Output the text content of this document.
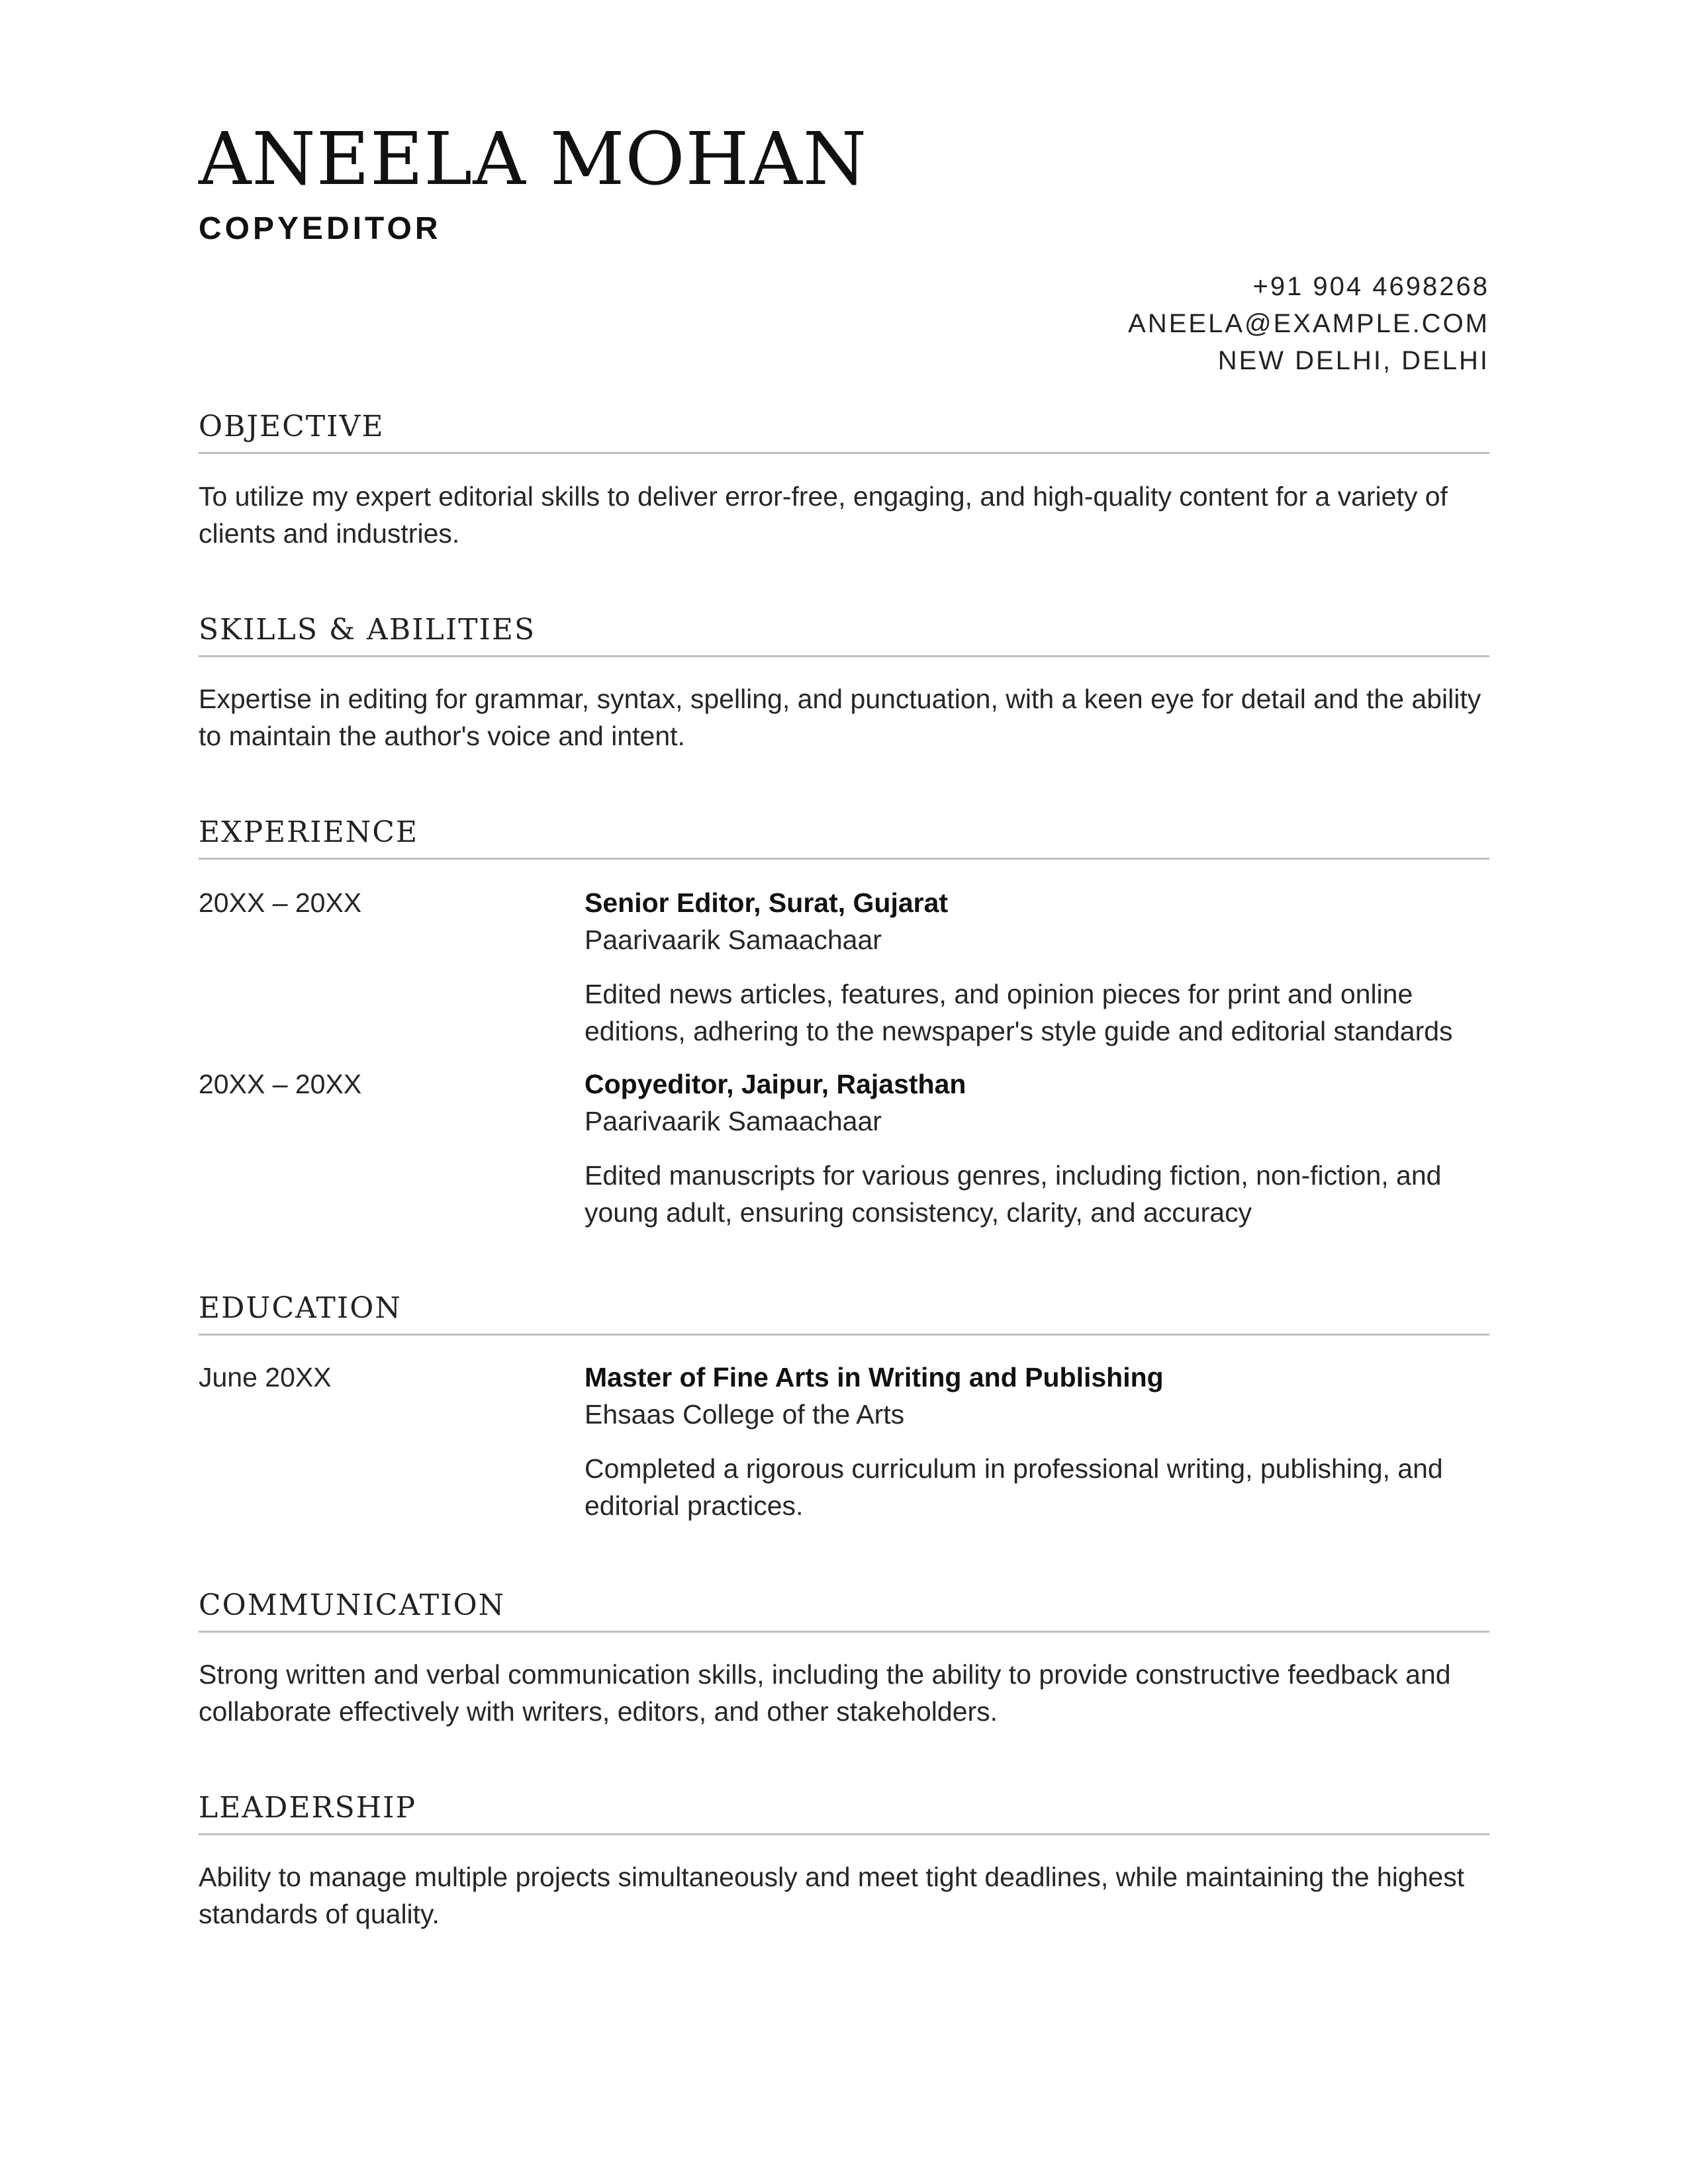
ANEELA MOHAN
COPYEDITOR
+91 904 4698268
ANEELA@EXAMPLE.COM
NEW DELHI, DELHI
OBJECTIVE
To utilize my expert editorial skills to deliver error-free, engaging, and high-quality content for a variety of clients and industries.
SKILLS & ABILITIES
Expertise in editing for grammar, syntax, spelling, and punctuation, with a keen eye for detail and the ability to maintain the author's voice and intent.
EXPERIENCE
20XX – 20XX	Senior Editor, Surat, Gujarat
Paarivaarik Samaachaar
Edited news articles, features, and opinion pieces for print and online editions, adhering to the newspaper's style guide and editorial standards
20XX – 20XX	Copyeditor, Jaipur, Rajasthan
Paarivaarik Samaachaar
Edited manuscripts for various genres, including fiction, non-fiction, and young adult, ensuring consistency, clarity, and accuracy
EDUCATION
June 20XX	Master of Fine Arts in Writing and Publishing
Ehsaas College of the Arts
Completed a rigorous curriculum in professional writing, publishing, and editorial practices.
COMMUNICATION
Strong written and verbal communication skills, including the ability to provide constructive feedback and collaborate effectively with writers, editors, and other stakeholders.
LEADERSHIP
Ability to manage multiple projects simultaneously and meet tight deadlines, while maintaining the highest standards of quality.
